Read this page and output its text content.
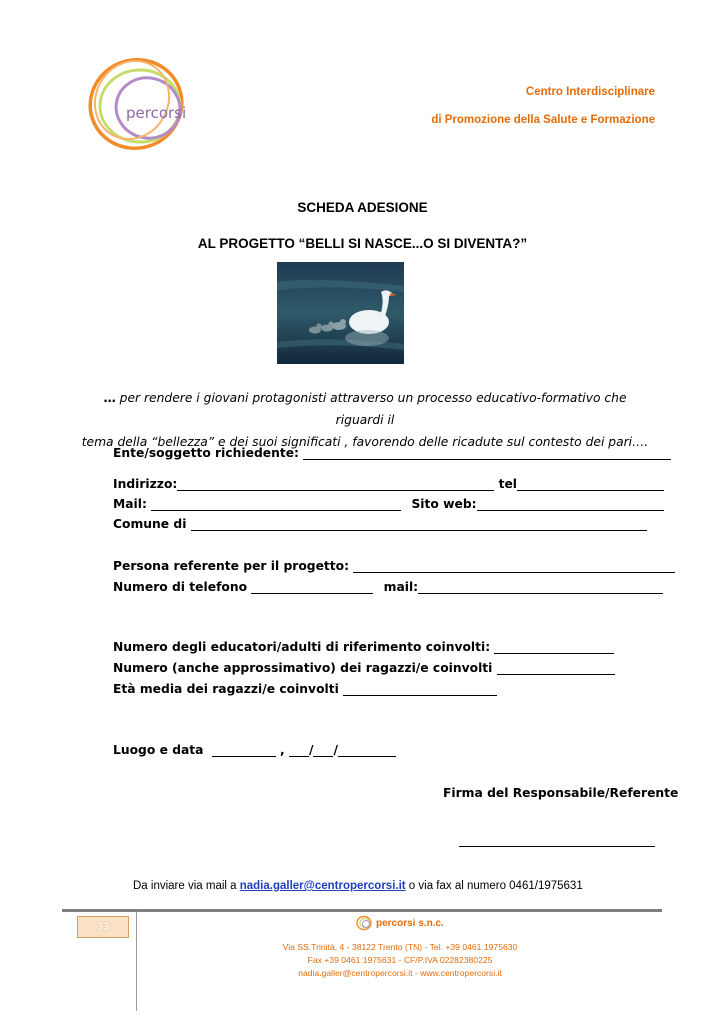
percorsi
Centro Interdisciplinare
di Promozione della Salute e Formazione
SCHEDA ADESIONE
AL PROGETTO “BELLI SI NASCE...O SI DIVENTA?”
… per rendere i giovani protagonisti attraverso un processo educativo-formativo che riguardi il
tema della “bellezza” e dei suoi significati , favorendo delle ricadute sul contesto dei pari.…
Ente/soggetto richiedente:
Indirizzo:	tel
Mail:	Sito web:
Comune di
Persona referente per il progetto:
Numero di telefono	mail:
Numero degli educatori/adulti di riferimento coinvolti:
Numero (anche approssimativo) dei ragazzi/e coinvolti
Età media dei ragazzi/e coinvolti
Luogo e data	, / /
Firma del Responsabile/Referente
Da inviare via mail a nadia.galler@centropercorsi.it o via fax al numero 0461/1975631
33	percorsi s.n.c.
Via SS.Trinità, 4 - 38122 Trento (TN) - Tel. +39 0461 1975630
Fax +39 0461 1975631 - CF/P.IVA 02282380225
nadia.galler@centropercorsi.it - www.centropercorsi.it
